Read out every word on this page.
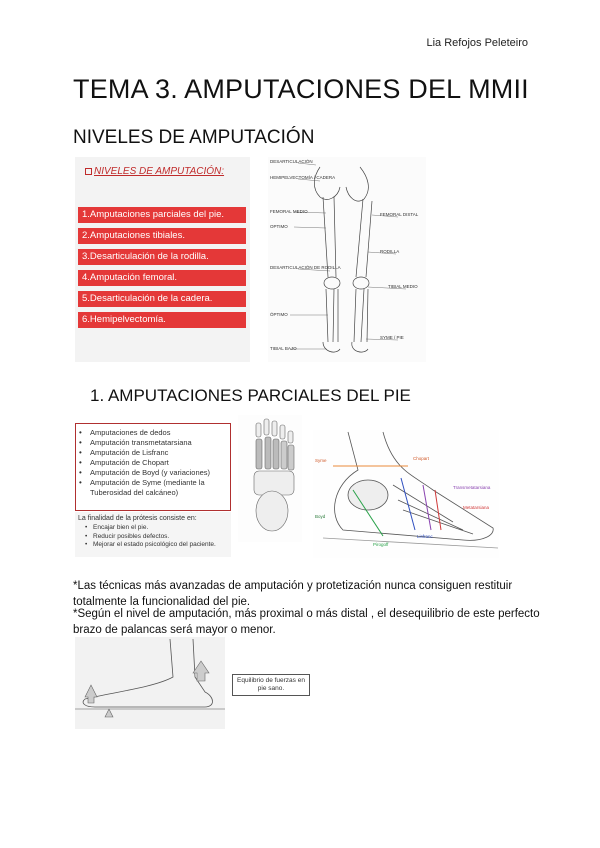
Lia Refojos Peleteiro
TEMA 3. AMPUTACIONES DEL MMII
NIVELES DE AMPUTACIÓN
NIVELES DE AMPUTACIÓN:
1.Amputaciones parciales del pie.
2.Amputaciones tibiales.
3.Desarticulación de la rodilla.
4.Amputación femoral.
5.Desarticulación de la cadera.
6.Hemipelvectomía.
DESARTICULACIÓN
HEMIPELVECTOMÍA / CADERA
FEMORAL MEDIO
OPTIMO
DESARTICULACIÓN DE RODILLA
ÓPTIMO
TIBIAL BAJO
FEMORAL DISTAL
RODILLA
TIBIAL MEDIO
SYME / PIE
1. AMPUTACIONES PARCIALES DEL PIE
• Amputaciones de dedos
• Amputación transmetatarsiana
• Amputación de Lisfranc
• Amputación de Chopart
• Amputación de Boyd (y variaciones)
• Amputación de Syme (mediante la Tuberosidad del calcáneo)
La finalidad de la prótesis consiste en:
• Encajar bien el pie.
• Reducir posibles defectos.
• Mejorar el estado psicológico del paciente.
Syme	Chopart
Transmetatarsiana
Boyd
Pirogoff
Lisfranc
Metatarsiana
*Las técnicas más avanzadas de amputación y protetización nunca consiguen restituir totalmente la funcionalidad del pie.
*Según el nivel de amputación, más proximal o más distal , el desequilibrio de este perfecto brazo de palancas será mayor o menor.
Equilibrio de fuerzas en pie sano.
